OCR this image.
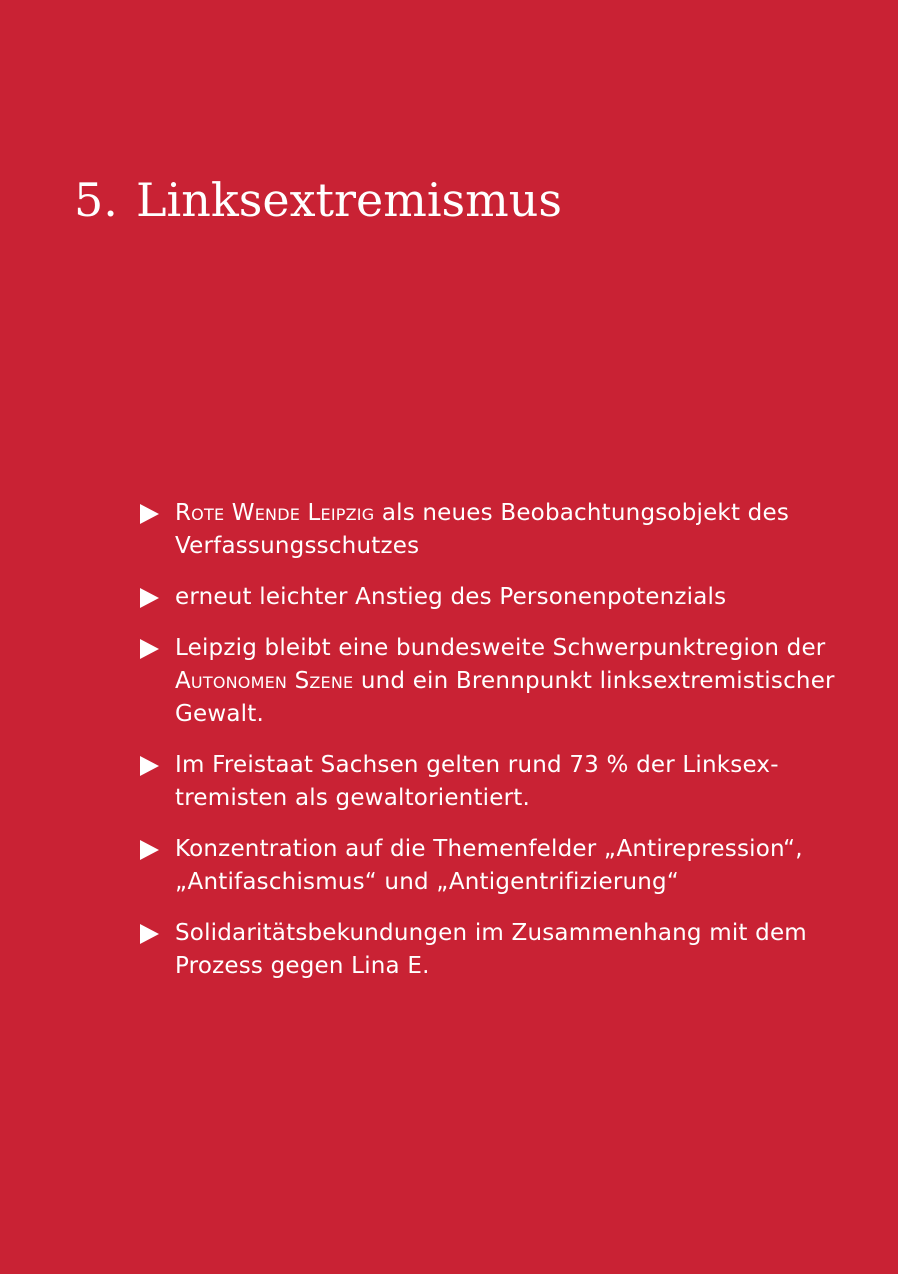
5. Linksextremismus
Rote Wende Leipzig als neues Beobachtungsobjekt des Verfassungsschutzes
erneut leichter Anstieg des Personenpotenzials
Leipzig bleibt eine bundesweite Schwerpunktregion der Autonomen Szene und ein Brennpunkt linksextremistischer Gewalt.
Im Freistaat Sachsen gelten rund 73 % der Linksextremisten als gewaltorientiert.
Konzentration auf die Themenfelder „Antirepression“, „Antifaschismus“ und „Antigentrifizierung“
Solidaritätsbekundungen im Zusammenhang mit dem Prozess gegen Lina E.
